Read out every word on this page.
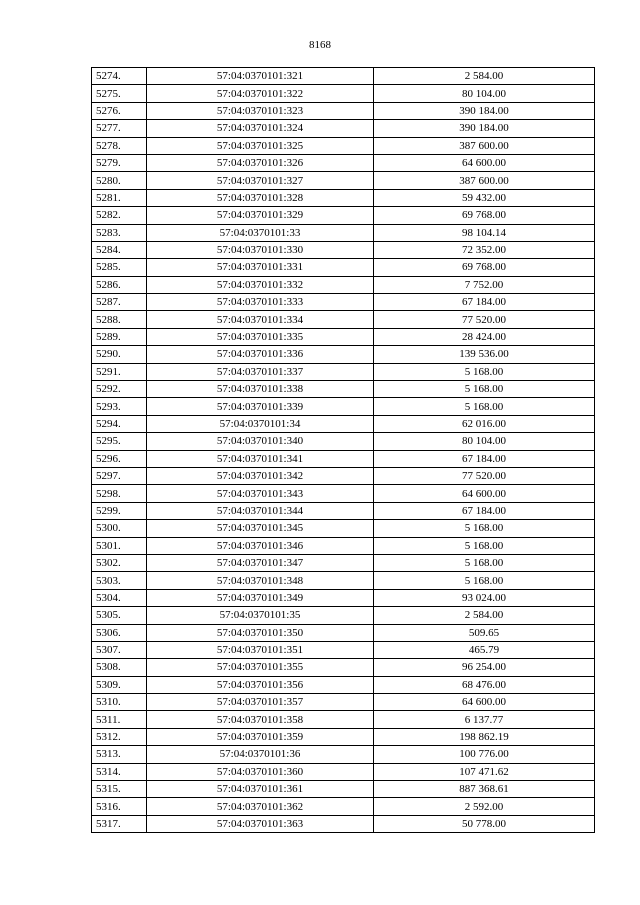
8168
5274.	57:04:0370101:321	2 584.00
5275.	57:04:0370101:322	80 104.00
5276.	57:04:0370101:323	390 184.00
5277.	57:04:0370101:324	390 184.00
5278.	57:04:0370101:325	387 600.00
5279.	57:04:0370101:326	64 600.00
5280.	57:04:0370101:327	387 600.00
5281.	57:04:0370101:328	59 432.00
5282.	57:04:0370101:329	69 768.00
5283.	57:04:0370101:33	98 104.14
5284.	57:04:0370101:330	72 352.00
5285.	57:04:0370101:331	69 768.00
5286.	57:04:0370101:332	7 752.00
5287.	57:04:0370101:333	67 184.00
5288.	57:04:0370101:334	77 520.00
5289.	57:04:0370101:335	28 424.00
5290.	57:04:0370101:336	139 536.00
5291.	57:04:0370101:337	5 168.00
5292.	57:04:0370101:338	5 168.00
5293.	57:04:0370101:339	5 168.00
5294.	57:04:0370101:34	62 016.00
5295.	57:04:0370101:340	80 104.00
5296.	57:04:0370101:341	67 184.00
5297.	57:04:0370101:342	77 520.00
5298.	57:04:0370101:343	64 600.00
5299.	57:04:0370101:344	67 184.00
5300.	57:04:0370101:345	5 168.00
5301.	57:04:0370101:346	5 168.00
5302.	57:04:0370101:347	5 168.00
5303.	57:04:0370101:348	5 168.00
5304.	57:04:0370101:349	93 024.00
5305.	57:04:0370101:35	2 584.00
5306.	57:04:0370101:350	509.65
5307.	57:04:0370101:351	465.79
5308.	57:04:0370101:355	96 254.00
5309.	57:04:0370101:356	68 476.00
5310.	57:04:0370101:357	64 600.00
5311.	57:04:0370101:358	6 137.77
5312.	57:04:0370101:359	198 862.19
5313.	57:04:0370101:36	100 776.00
5314.	57:04:0370101:360	107 471.62
5315.	57:04:0370101:361	887 368.61
5316.	57:04:0370101:362	2 592.00
5317.	57:04:0370101:363	50 778.00
